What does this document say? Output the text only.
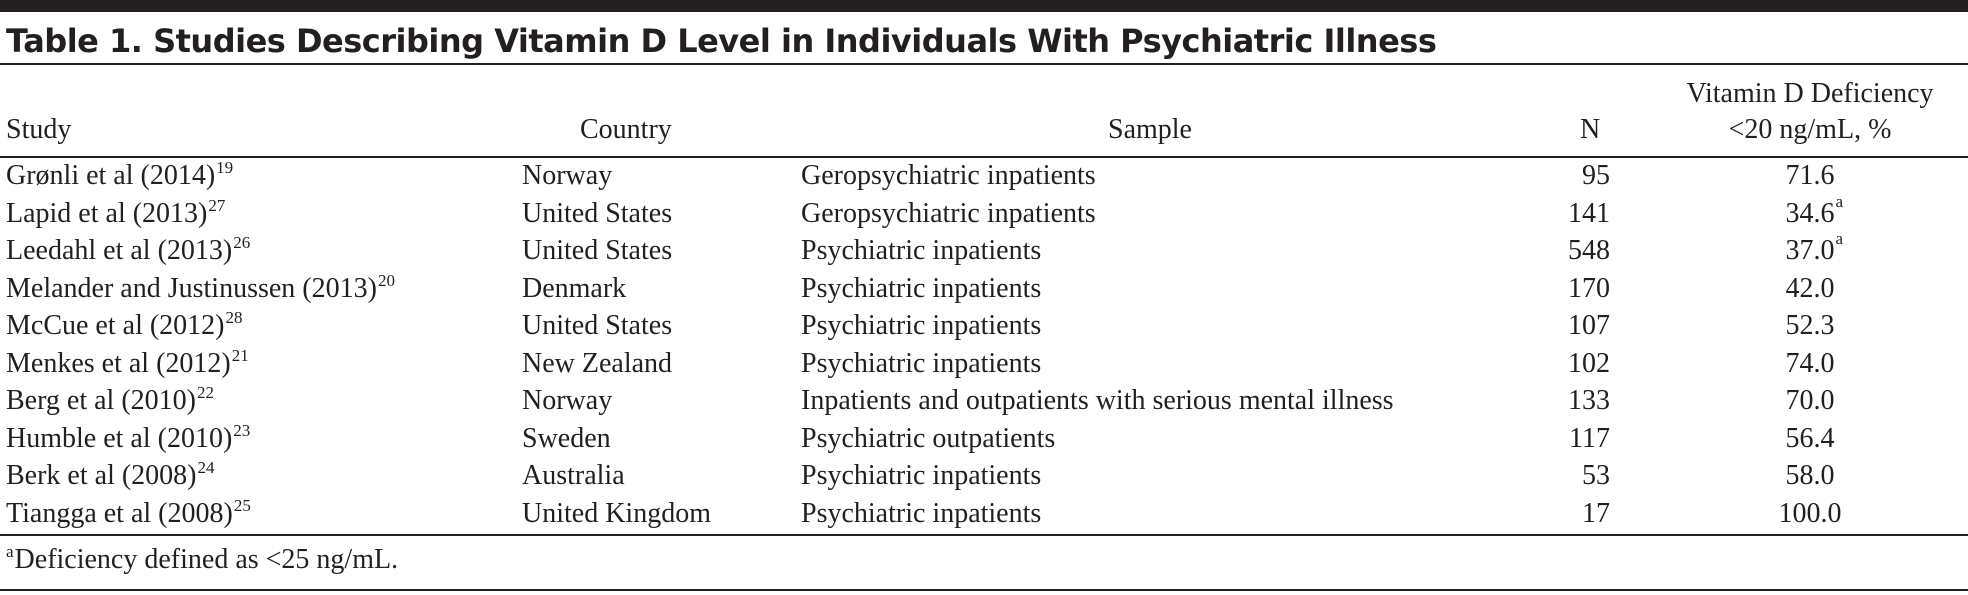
Table 1. Studies Describing Vitamin D Level in Individuals With Psychiatric Illness
Study	Country	Sample	N
Vitamin D Deficiency
<20 ng/mL, %
Grønli et al $(2014)^{19}$	Norway	Geropsychiatric inpatients	95	71.6
Lapid et al $(2013)^{27}$	United States	Geropsychiatric inpatients	141	34.6 a
Leedahl et al $(2013)^{26}$	United States	Psychiatric inpatients	548	37.0 a
Melander and Justinussen $(2013)^{20}$	Denmark	Psychiatric inpatients	170	42.0
McCue et al $(2012)^{28}$	United States	Psychiatric inpatients	107	52.3
Menkes et al $(2012)^{21}$	New Zealand	Psychiatric inpatients	102	74.0
Berg et al $(2010)^{22}$	Norway	Inpatients and outpatients with serious mental illness	133	70.0
Humble et al $(2010)^{23}$	Sweden	Psychiatric outpatients	117	56.4
Berk et al $(2008)^{24}$	Australia	Psychiatric inpatients	53	58.0
Tiangga et al $(2008)^{25}$	United Kingdom	Psychiatric inpatients	17	100.0
$^a$Deficiency defined as <25 ng/mL.
